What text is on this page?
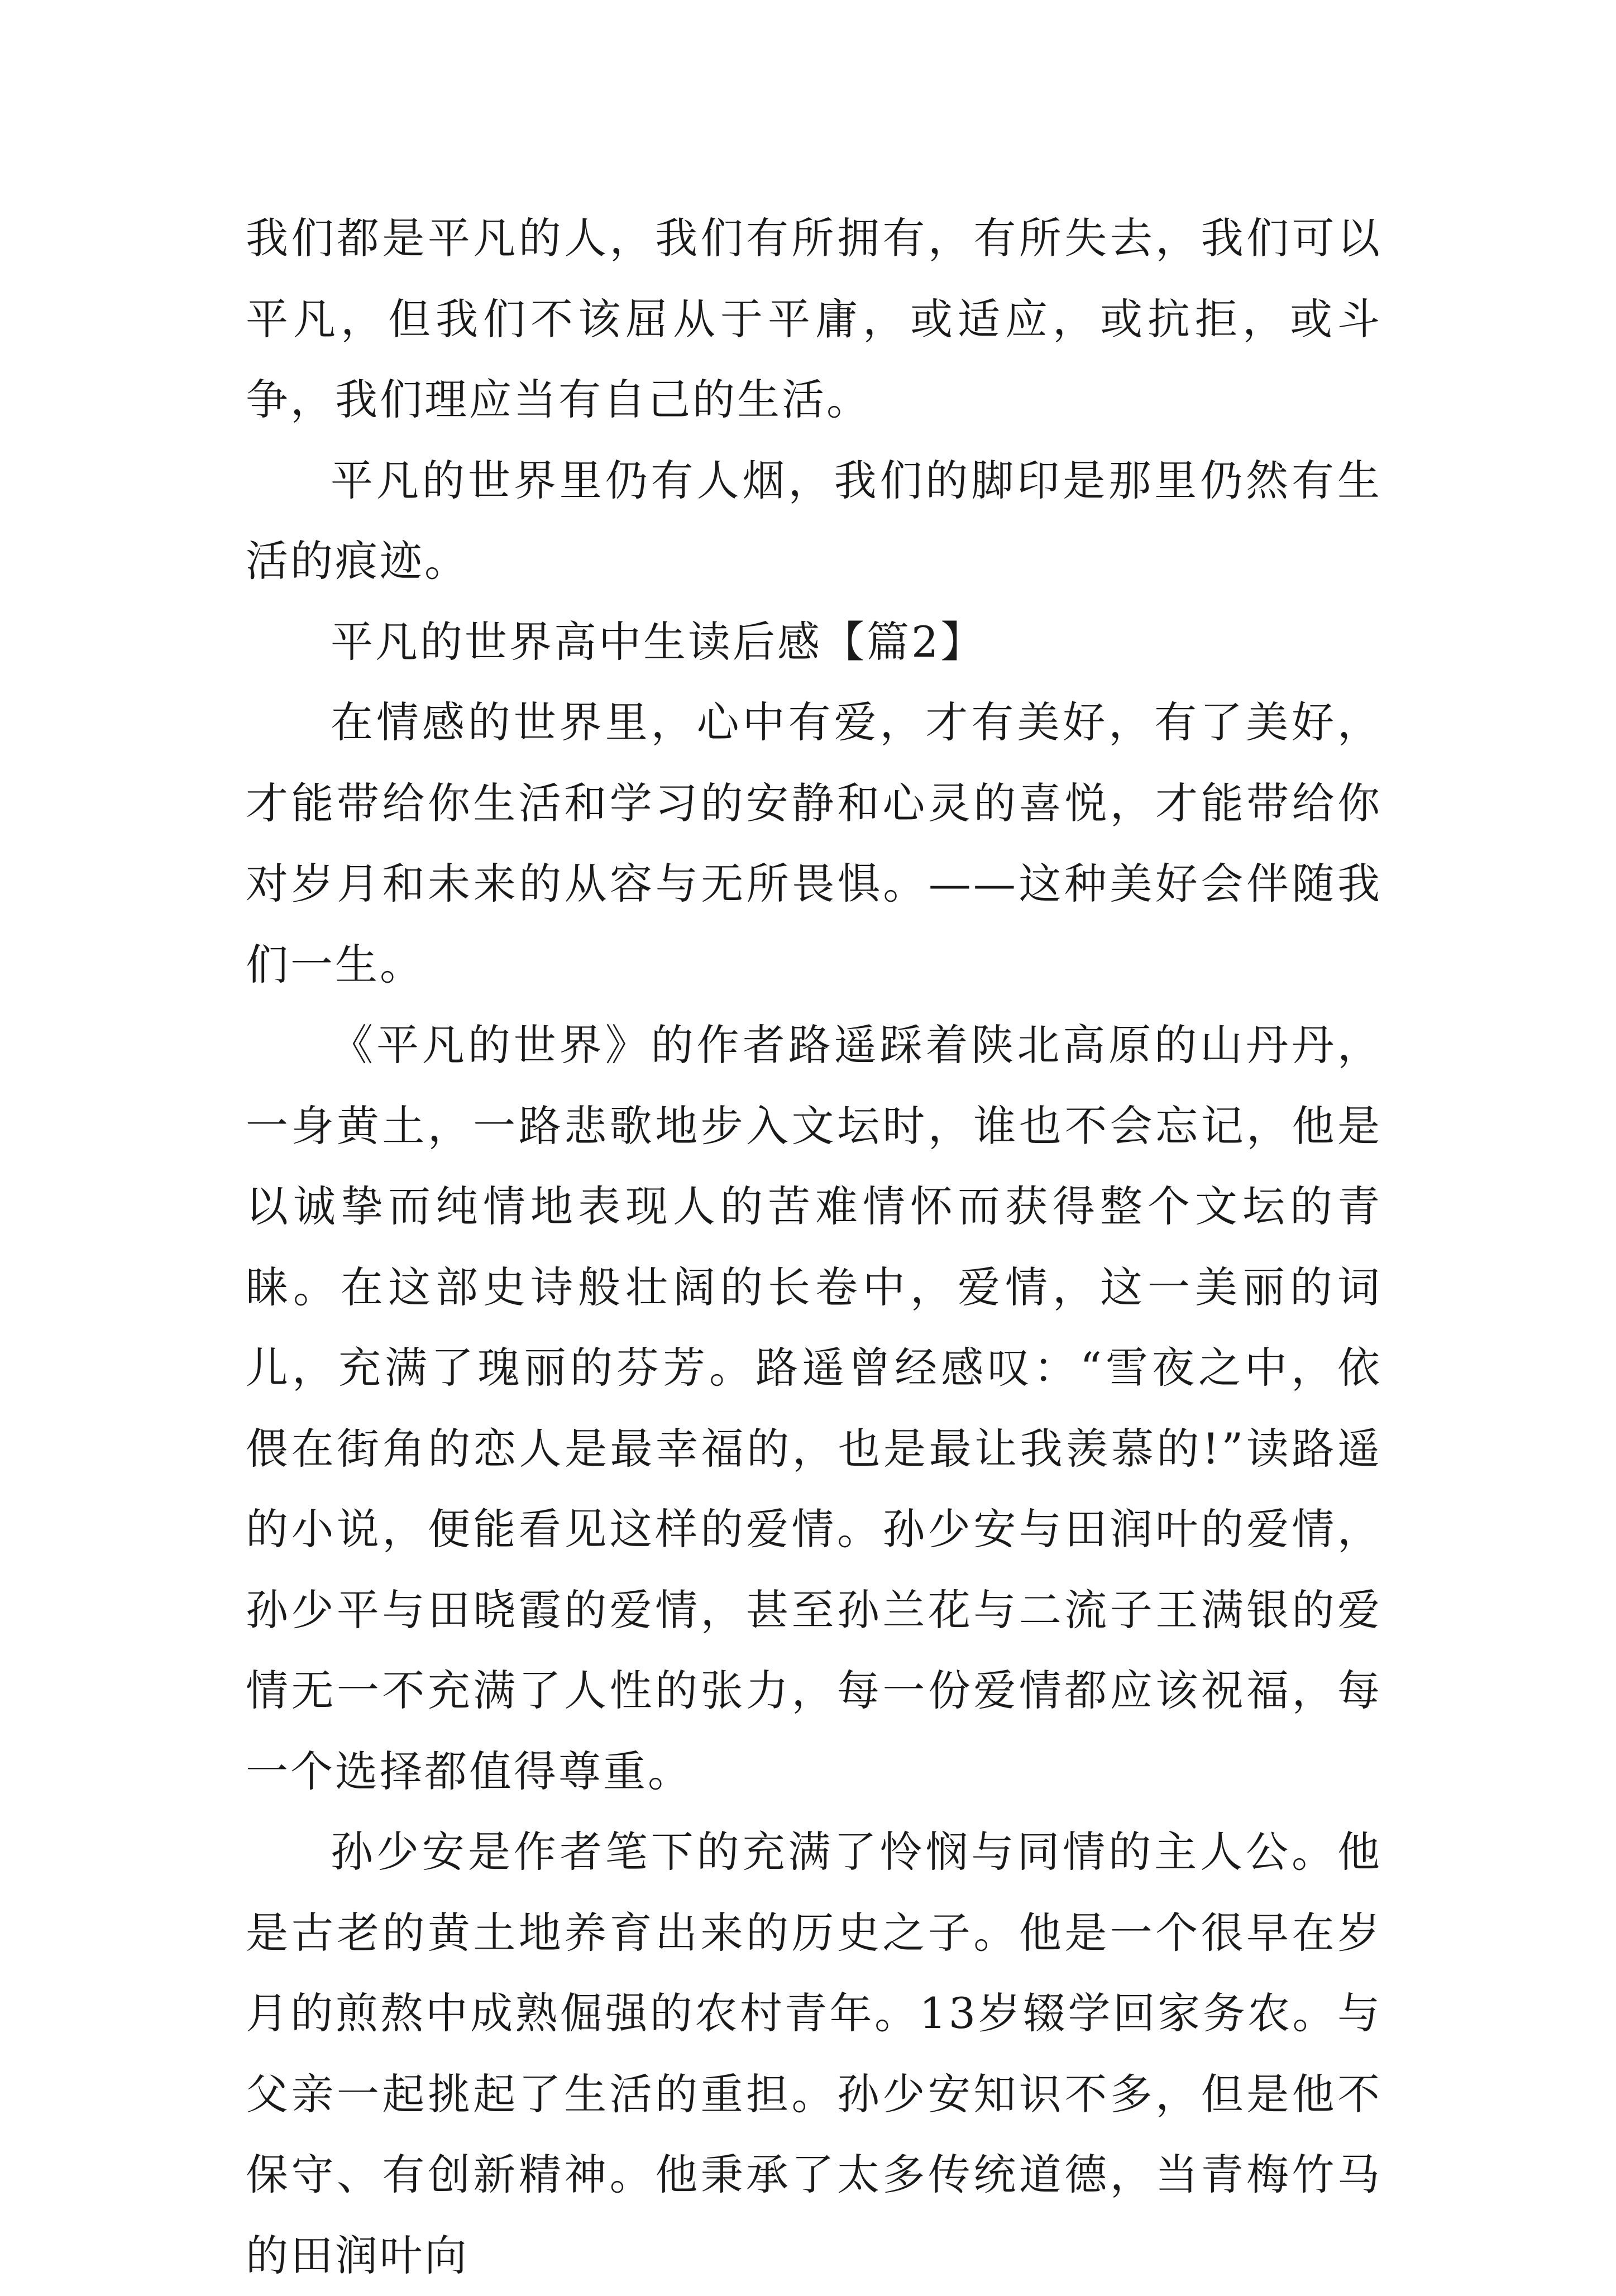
我们都是平凡的人，我们有所拥有，有所失去，我们可以平凡，但我们不该屈从于平庸，或适应，或抗拒，或斗争，我们理应当有自己的生活。

平凡的世界里仍有人烟，我们的脚印是那里仍然有生活的痕迹。

平凡的世界高中生读后感【篇2】

在情感的世界里，心中有爱，才有美好，有了美好，才能带给你生活和学习的安静和心灵的喜悦，才能带给你对岁月和未来的从容与无所畏惧。——这种美好会伴随我们一生。

《平凡的世界》的作者路遥踩着陕北高原的山丹丹，一身黄土，一路悲歌地步入文坛时，谁也不会忘记，他是以诚挚而纯情地表现人的苦难情怀而获得整个文坛的青睐。在这部史诗般壮阔的长卷中，爱情，这一美丽的词儿，充满了瑰丽的芬芳。路遥曾经感叹：“雪夜之中，依偎在街角的恋人是最幸福的，也是最让我羡慕的!”读路遥的小说，便能看见这样的爱情。孙少安与田润叶的爱情，孙少平与田晓霞的爱情，甚至孙兰花与二流子王满银的爱情无一不充满了人性的张力，每一份爱情都应该祝福，每一个选择都值得尊重。

孙少安是作者笔下的充满了怜悯与同情的主人公。他是古老的黄土地养育出来的历史之子。他是一个很早在岁月的煎熬中成熟倔强的农村青年。13岁辍学回家务农。与父亲一起挑起了生活的重担。孙少安知识不多，但是他不保守、有创新精神。他秉承了太多传统道德，当青梅竹马的田润叶向
